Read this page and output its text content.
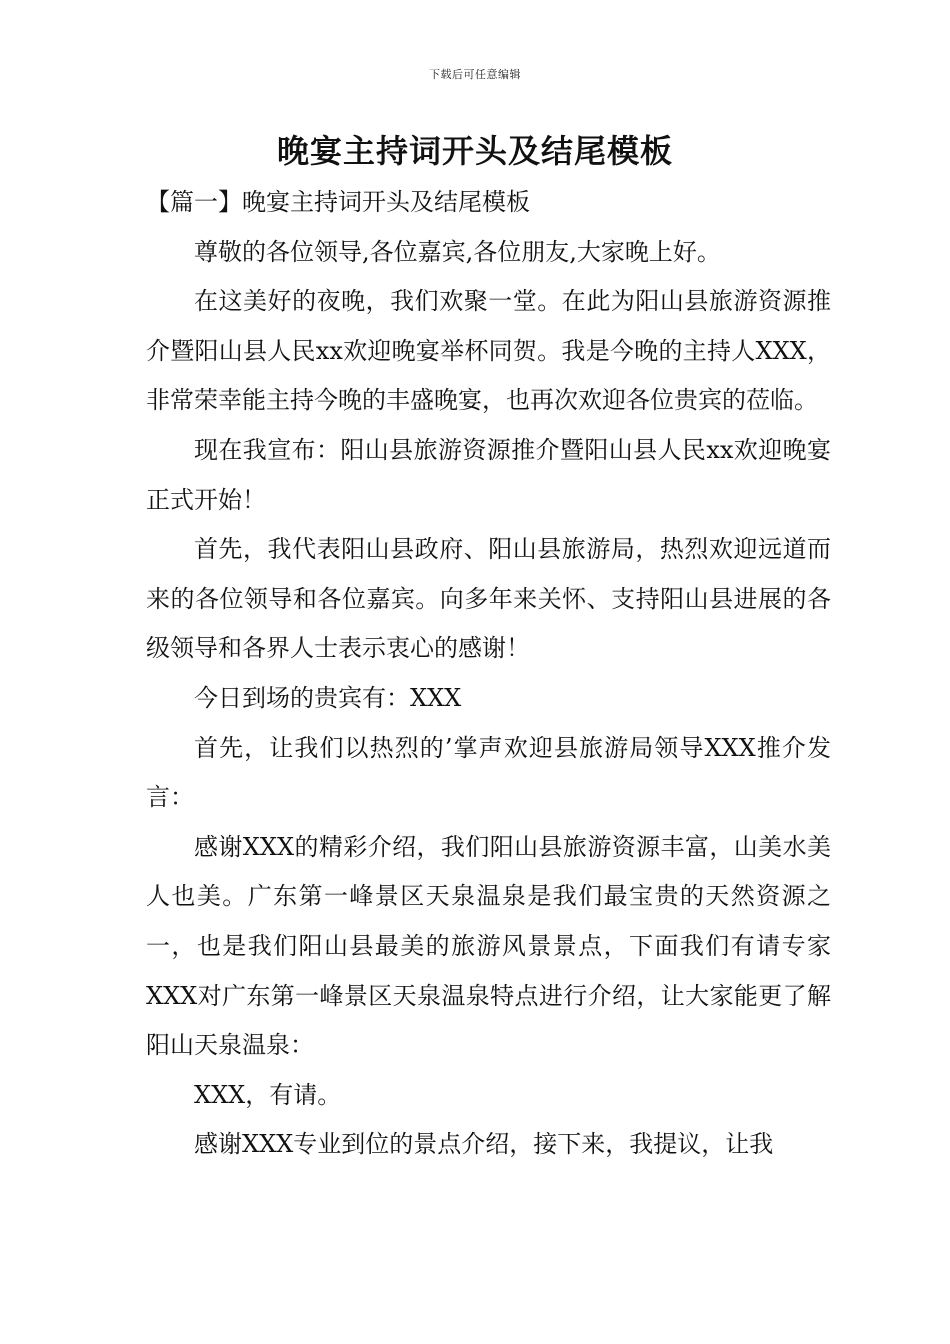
下载后可任意编辑
晚宴主持词开头及结尾模板

【篇一】晚宴主持词开头及结尾模板

尊敬的各位领导,各位嘉宾,各位朋友,大家晚上好。

在这美好的夜晚，我们欢聚一堂。在此为阳山县旅游资源推介暨阳山县人民xx欢迎晚宴举杯同贺。我是今晚的主持人XXX，非常荣幸能主持今晚的丰盛晚宴，也再次欢迎各位贵宾的莅临。

现在我宣布：阳山县旅游资源推介暨阳山县人民xx欢迎晚宴正式开始！

首先，我代表阳山县政府、阳山县旅游局，热烈欢迎远道而来的各位领导和各位嘉宾。向多年来关怀、支持阳山县进展的各级领导和各界人士表示衷心的感谢！

今日到场的贵宾有：XXX

首先，让我们以热烈的’掌声欢迎县旅游局领导XXX推介发言：

感谢XXX的精彩介绍，我们阳山县旅游资源丰富，山美水美人也美。广东第一峰景区天泉温泉是我们最宝贵的天然资源之一，也是我们阳山县最美的旅游风景景点，下面我们有请专家XXX对广东第一峰景区天泉温泉特点进行介绍，让大家能更了解阳山天泉温泉：

XXX，有请。

感谢XXX专业到位的景点介绍，接下来，我提议，让我
